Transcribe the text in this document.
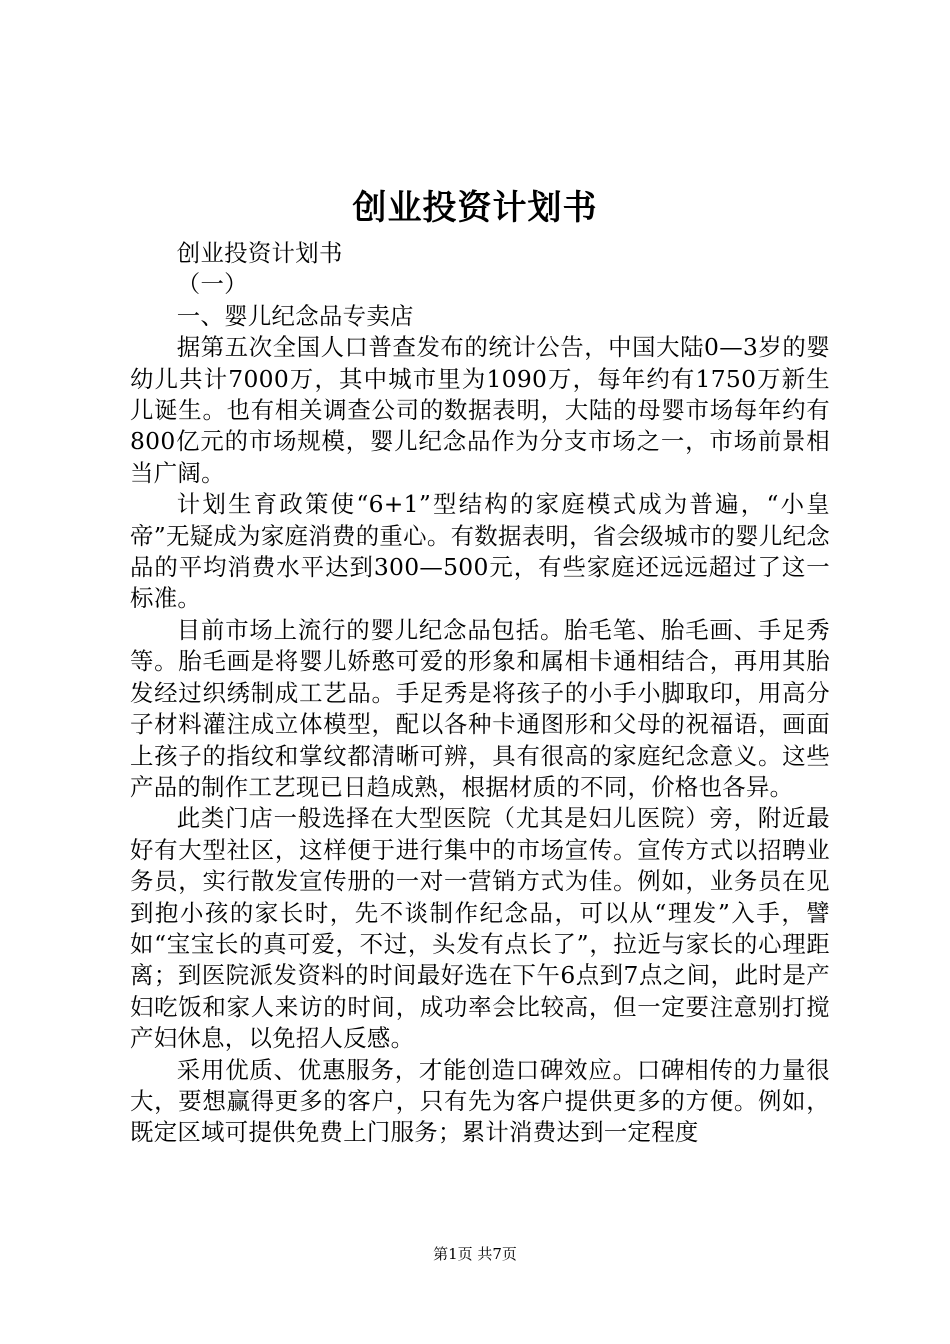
创业投资计划书

创业投资计划书

（一）

一、婴儿纪念品专卖店

据第五次全国人口普查发布的统计公告，中国大陆0—3岁的婴幼儿共计7000万，其中城市里为1090万，每年约有1750万新生儿诞生。也有相关调查公司的数据表明，大陆的母婴市场每年约有800亿元的市场规模，婴儿纪念品作为分支市场之一，市场前景相当广阔。

计划生育政策使“6+1”型结构的家庭模式成为普遍，“小皇帝”无疑成为家庭消费的重心。有数据表明，省会级城市的婴儿纪念品的平均消费水平达到300—500元，有些家庭还远远超过了这一标准。

目前市场上流行的婴儿纪念品包括。胎毛笔、胎毛画、手足秀等。胎毛画是将婴儿娇憨可爱的形象和属相卡通相结合，再用其胎发经过织绣制成工艺品。手足秀是将孩子的小手小脚取印，用高分子材料灌注成立体模型，配以各种卡通图形和父母的祝福语，画面上孩子的指纹和掌纹都清晰可辨，具有很高的家庭纪念意义。这些产品的制作工艺现已日趋成熟，根据材质的不同，价格也各异。

此类门店一般选择在大型医院（尤其是妇儿医院）旁，附近最好有大型社区，这样便于进行集中的市场宣传。宣传方式以招聘业务员，实行散发宣传册的一对一营销方式为佳。例如，业务员在见到抱小孩的家长时，先不谈制作纪念品，可以从“理发”入手，譬如“宝宝长的真可爱，不过，头发有点长了”，拉近与家长的心理距离；到医院派发资料的时间最好选在下午6点到7点之间，此时是产妇吃饭和家人来访的时间，成功率会比较高，但一定要注意别打搅产妇休息，以免招人反感。

采用优质、优惠服务，才能创造口碑效应。口碑相传的力量很大，要想赢得更多的客户，只有先为客户提供更多的方便。例如，既定区域可提供免费上门服务；累计消费达到一定程度

第1页 共7页
